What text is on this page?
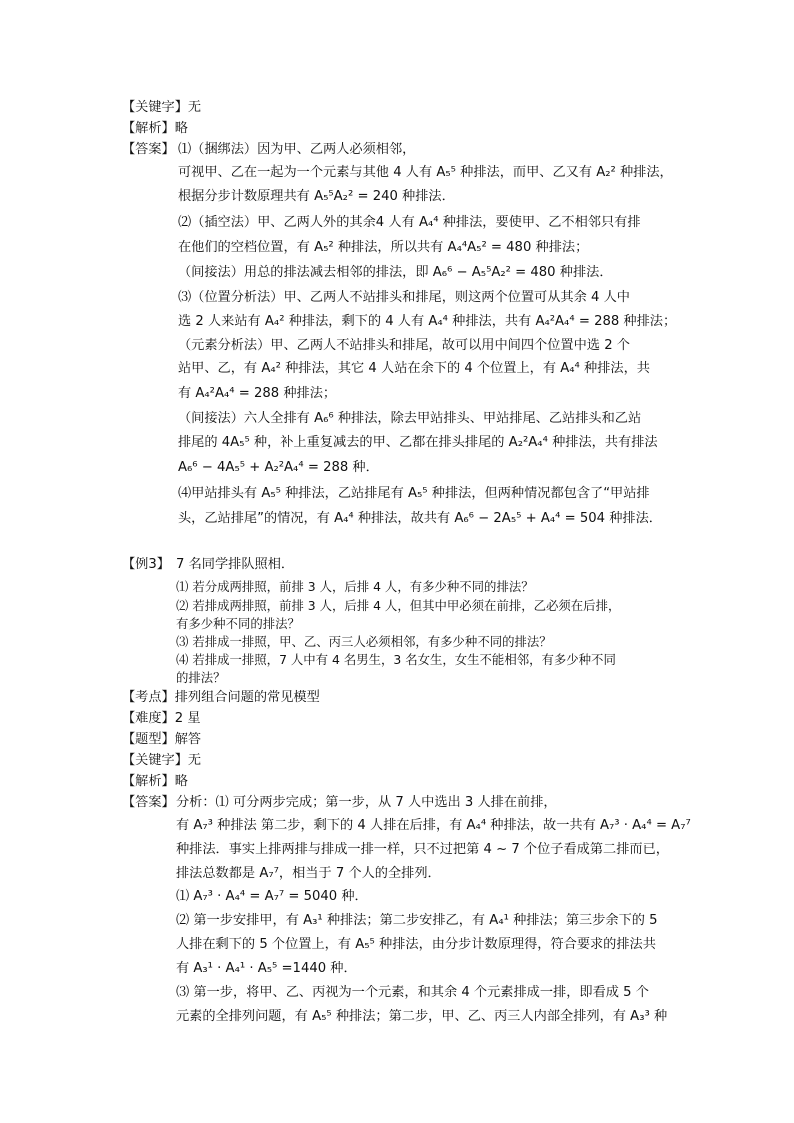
【关键字】无
【解析】略
【答案】 ⑴（捆绑法）因为甲、乙两人必须相邻，
可视甲、乙在一起为一个元素与其他 4 人有 A₅⁵ 种排法，而甲、乙又有 A₂² 种排法，
根据分步计数原理共有 A₅⁵A₂² = 240 种排法．
⑵（插空法）甲、乙两人外的其余4 人有 A₄⁴ 种排法，要使甲、乙不相邻只有排
在他们的空档位置，有 A₅² 种排法，所以共有 A₄⁴A₅² = 480 种排法；
（间接法）用总的排法减去相邻的排法，即 A₆⁶ − A₅⁵A₂² = 480 种排法．
⑶（位置分析法）甲、乙两人不站排头和排尾，则这两个位置可从其余 4 人中
选 2 人来站有 A₄² 种排法，剩下的 4 人有 A₄⁴ 种排法，共有 A₄²A₄⁴ = 288 种排法；
（元素分析法）甲、乙两人不站排头和排尾，故可以用中间四个位置中选 2 个
站甲、乙，有 A₄² 种排法，其它 4 人站在余下的 4 个位置上，有 A₄⁴ 种排法，共
有 A₄²A₄⁴ = 288 种排法；
（间接法）六人全排有 A₆⁶ 种排法，除去甲站排头、甲站排尾、乙站排头和乙站
排尾的 4A₅⁵ 种，补上重复减去的甲、乙都在排头排尾的 A₂²A₄⁴ 种排法，共有排法
A₆⁶ − 4A₅⁵ + A₂²A₄⁴ = 288 种．
⑷甲站排头有 A₅⁵ 种排法，乙站排尾有 A₅⁵ 种排法，但两种情况都包含了“甲站排
头，乙站排尾”的情况，有 A₄⁴ 种排法，故共有 A₆⁶ − 2A₅⁵ + A₄⁴ = 504 种排法．
【例3】 7 名同学排队照相．
⑴ 若分成两排照，前排 3 人，后排 4 人，有多少种不同的排法？
⑵ 若排成两排照，前排 3 人，后排 4 人，但其中甲必须在前排，乙必须在后排，
有多少种不同的排法？
⑶ 若排成一排照，甲、乙、丙三人必须相邻，有多少种不同的排法？
⑷ 若排成一排照，7 人中有 4 名男生，3 名女生，女生不能相邻，有多少种不同
的排法？
【考点】排列组合问题的常见模型
【难度】2 星
【题型】解答
【关键字】无
【解析】略
【答案】 分析：⑴ 可分两步完成；第一步，从 7 人中选出 3 人排在前排，
有 A₇³ 种排法 第二步，剩下的 4 人排在后排，有 A₄⁴ 种排法，故一共有 A₇³ · A₄⁴ = A₇⁷
种排法．事实上排两排与排成一排一样，只不过把第 4 ~ 7 个位子看成第二排而已，
排法总数都是 A₇⁷，相当于 7 个人的全排列．
⑴ A₇³ · A₄⁴ = A₇⁷ = 5040 种．
⑵ 第一步安排甲，有 A₃¹ 种排法；第二步安排乙，有 A₄¹ 种排法；第三步余下的 5
人排在剩下的 5 个位置上，有 A₅⁵ 种排法，由分步计数原理得，符合要求的排法共
有 A₃¹ · A₄¹ · A₅⁵ =1440 种．
⑶ 第一步，将甲、乙、丙视为一个元素，和其余 4 个元素排成一排，即看成 5 个
元素的全排列问题，有 A₅⁵ 种排法；第二步，甲、乙、丙三人内部全排列，有 A₃³ 种
